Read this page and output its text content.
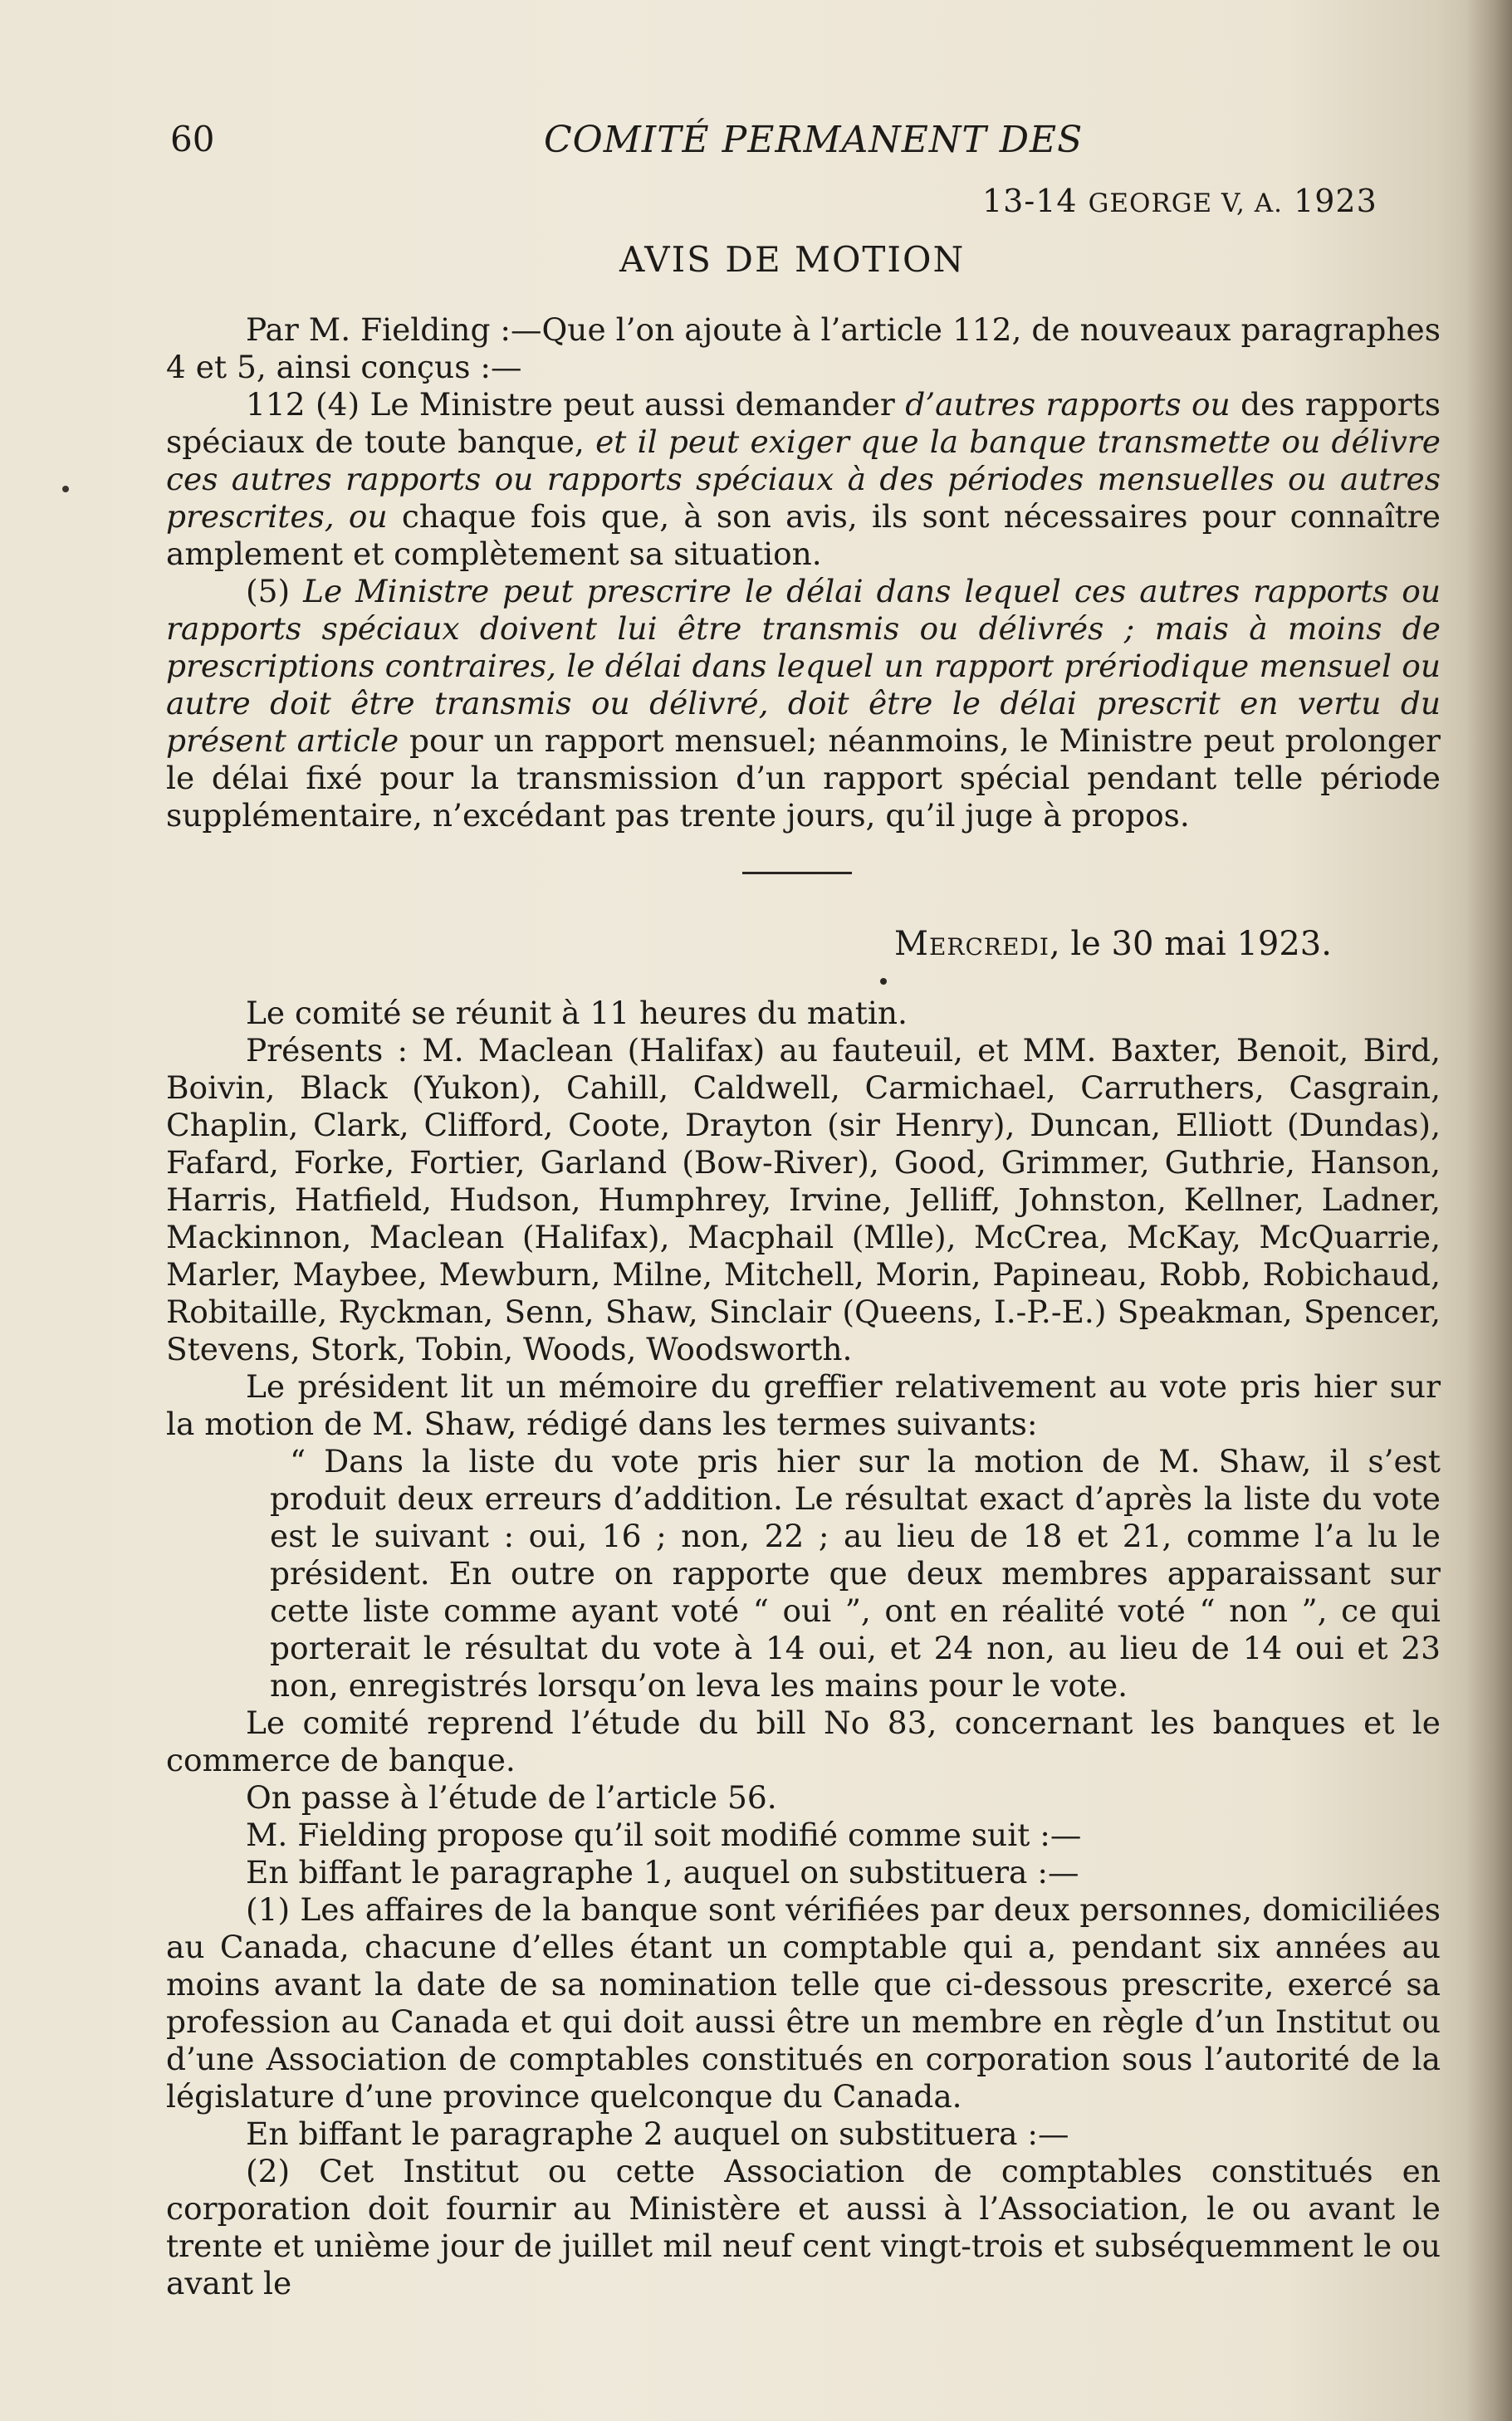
60	COMITÉ PERMANENT DES
13-14 GEORGE V, A. 1923
AVIS DE MOTION

Par M. Fielding :—Que l’on ajoute à l’article 112, de nouveaux paragraphes 4 et 5, ainsi conçus :—

112 (4) Le Ministre peut aussi demander d’autres rapports ou des rapports spéciaux de toute banque, et il peut exiger que la banque transmette ou délivre ces autres rapports ou rapports spéciaux à des périodes mensuelles ou autres prescrites, ou chaque fois que, à son avis, ils sont nécessaires pour connaître amplement et complètement sa situation.

(5) Le Ministre peut prescrire le délai dans lequel ces autres rapports ou rapports spéciaux doivent lui être transmis ou délivrés ; mais à moins de prescriptions contraires, le délai dans lequel un rapport prériodique mensuel ou autre doit être transmis ou délivré, doit être le délai prescrit en vertu du présent article pour un rapport mensuel; néanmoins, le Ministre peut prolonger le délai fixé pour la transmission d’un rapport spécial pendant telle période supplémentaire, n’excédant pas trente jours, qu’il juge à propos.

Mercredi, le 30 mai 1923.

Le comité se réunit à 11 heures du matin.

Présents : M. Maclean (Halifax) au fauteuil, et MM. Baxter, Benoit, Bird, Boivin, Black (Yukon), Cahill, Caldwell, Carmichael, Carruthers, Casgrain, Chaplin, Clark, Clifford, Coote, Drayton (sir Henry), Duncan, Elliott (Dundas), Fafard, Forke, Fortier, Garland (Bow-River), Good, Grimmer, Guthrie, Hanson, Harris, Hatfield, Hudson, Humphrey, Irvine, Jelliff, Johnston, Kellner, Ladner, Mackinnon, Maclean (Halifax), Macphail (Mlle), McCrea, McKay, McQuarrie, Marler, Maybee, Mewburn, Milne, Mitchell, Morin, Papineau, Robb, Robichaud, Robitaille, Ryckman, Senn, Shaw, Sinclair (Queens, I.-P.-E.) Speakman, Spencer, Stevens, Stork, Tobin, Woods, Woodsworth.

Le président lit un mémoire du greffier relativement au vote pris hier sur la motion de M. Shaw, rédigé dans les termes suivants:

“ Dans la liste du vote pris hier sur la motion de M. Shaw, il s’est produit deux erreurs d’addition. Le résultat exact d’après la liste du vote est le suivant : oui, 16 ; non, 22 ; au lieu de 18 et 21, comme l’a lu le président. En outre on rapporte que deux membres apparaissant sur cette liste comme ayant voté “ oui ”, ont en réalité voté “ non ”, ce qui porterait le résultat du vote à 14 oui, et 24 non, au lieu de 14 oui et 23 non, enregistrés lorsqu’on leva les mains pour le vote.

Le comité reprend l’étude du bill No 83, concernant les banques et le commerce de banque.

On passe à l’étude de l’article 56.

M. Fielding propose qu’il soit modifié comme suit :—

En biffant le paragraphe 1, auquel on substituera :—

(1) Les affaires de la banque sont vérifiées par deux personnes, domiciliées au Canada, chacune d’elles étant un comptable qui a, pendant six années au moins avant la date de sa nomination telle que ci-dessous prescrite, exercé sa profession au Canada et qui doit aussi être un membre en règle d’un Institut ou d’une Association de comptables constitués en corporation sous l’autorité de la législature d’une province quelconque du Canada.

En biffant le paragraphe 2 auquel on substituera :—

(2) Cet Institut ou cette Association de comptables constitués en corporation doit fournir au Ministère et aussi à l’Association, le ou avant le trente et unième jour de juillet mil neuf cent vingt-trois et subséquemment le ou avant le
